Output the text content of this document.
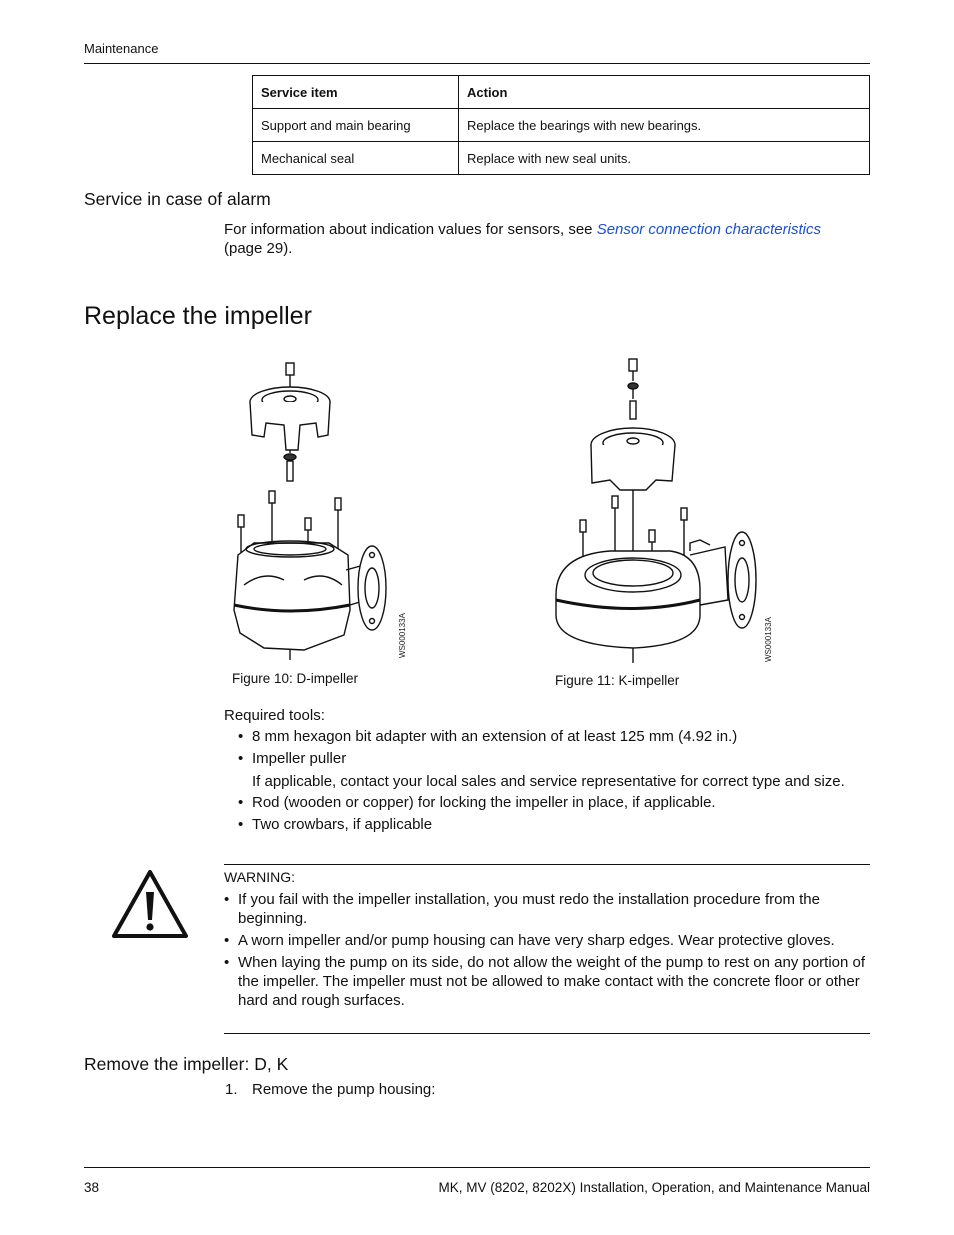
Maintenance
Service item	Action
Support and main bearing	Replace the bearings with new bearings.
Mechanical seal	Replace with new seal units.
Service in case of alarm
For information about indication values for sensors, see Sensor connection characteristics
(page 29).
Replace the impeller
WS000133A
Figure 10: D-impeller
WS000133A
Figure 11: K-impeller
Required tools:
• 8 mm hexagon bit adapter with an extension of at least 125 mm (4.92 in.)
• Impeller puller
If applicable, contact your local sales and service representative for correct type and size.
• Rod (wooden or copper) for locking the impeller in place, if applicable.
• Two crowbars, if applicable
WARNING:
• If you fail with the impeller installation, you must redo the installation procedure from the beginning.
• A worn impeller and/or pump housing can have very sharp edges. Wear protective gloves.
• When laying the pump on its side, do not allow the weight of the pump to rest on any portion of the impeller. The impeller must not be allowed to make contact with the concrete floor or other hard and rough surfaces.
Remove the impeller: D, K
1. Remove the pump housing:
38	MK, MV (8202, 8202X) Installation, Operation, and Maintenance Manual
